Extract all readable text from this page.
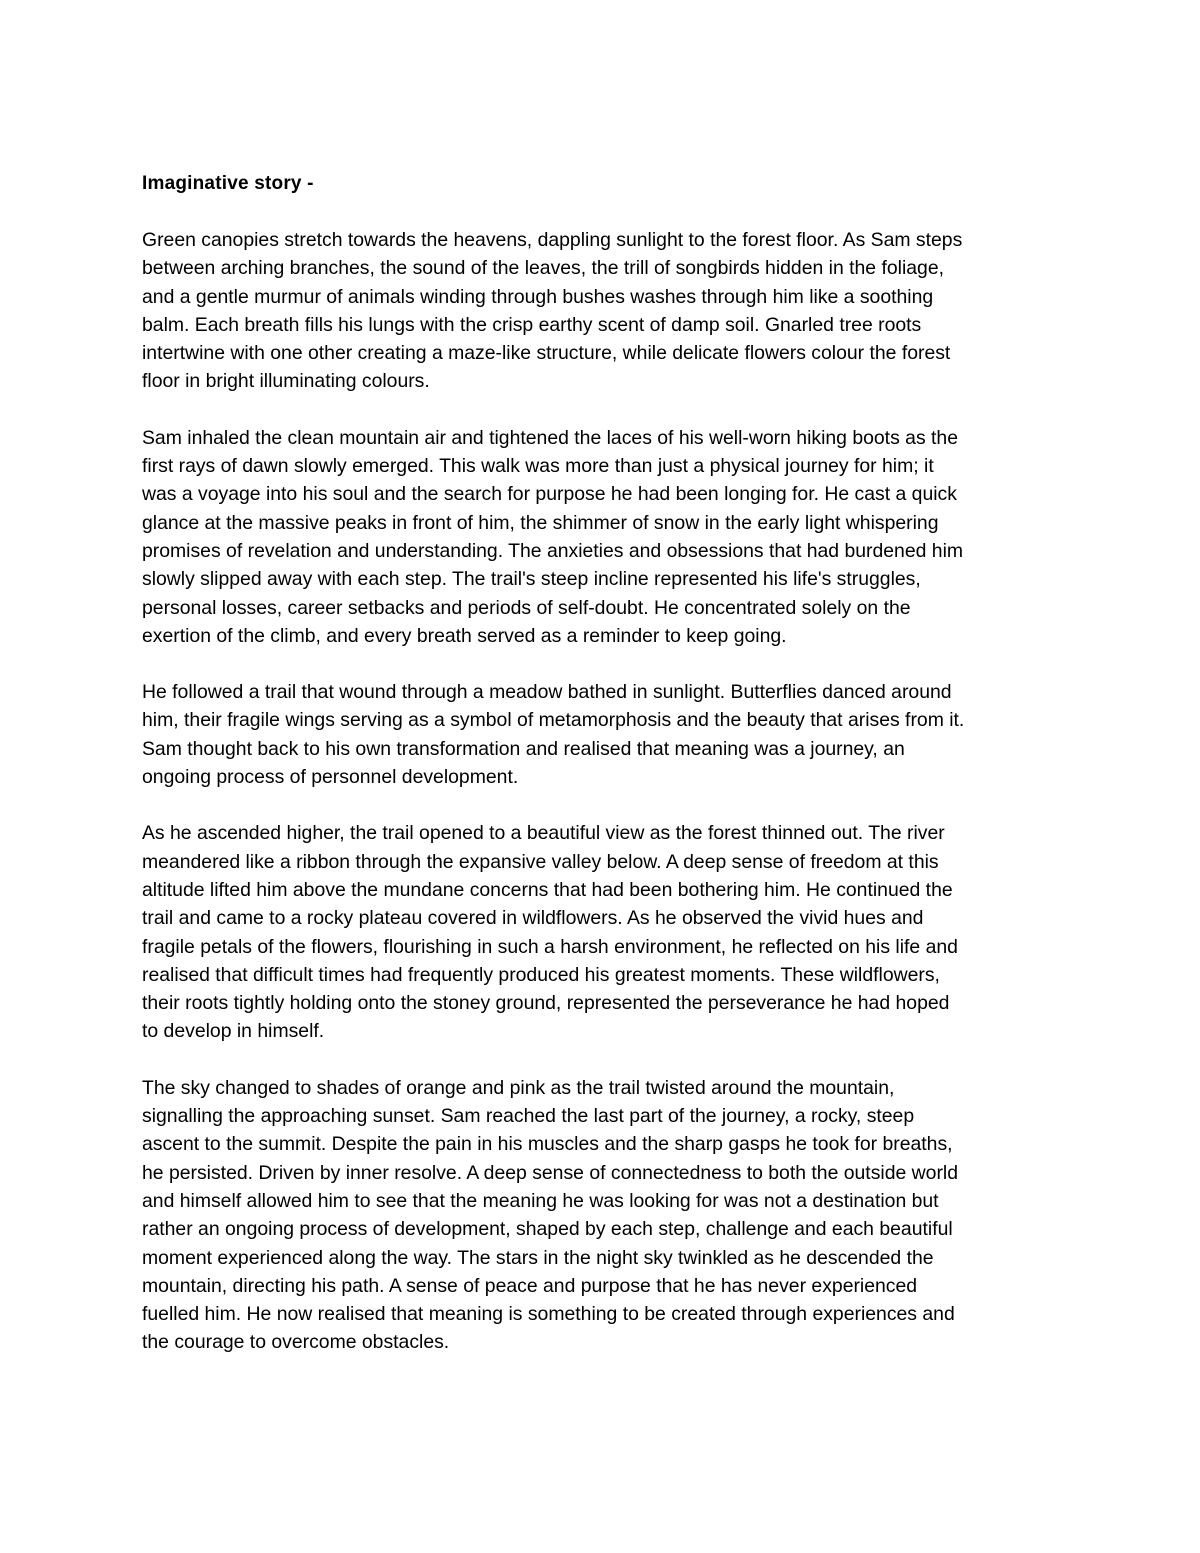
Imaginative story -

Green canopies stretch towards the heavens, dappling sunlight to the forest floor. As Sam steps
between arching branches, the sound of the leaves, the trill of songbirds hidden in the foliage,
and a gentle murmur of animals winding through bushes washes through him like a soothing
balm. Each breath fills his lungs with the crisp earthy scent of damp soil. Gnarled tree roots
intertwine with one other creating a maze-like structure, while delicate flowers colour the forest
floor in bright illuminating colours.

Sam inhaled the clean mountain air and tightened the laces of his well-worn hiking boots as the
first rays of dawn slowly emerged. This walk was more than just a physical journey for him; it
was a voyage into his soul and the search for purpose he had been longing for. He cast a quick
glance at the massive peaks in front of him, the shimmer of snow in the early light whispering
promises of revelation and understanding. The anxieties and obsessions that had burdened him
slowly slipped away with each step. The trail's steep incline represented his life's struggles,
personal losses, career setbacks and periods of self-doubt. He concentrated solely on the
exertion of the climb, and every breath served as a reminder to keep going.

He followed a trail that wound through a meadow bathed in sunlight. Butterflies danced around
him, their fragile wings serving as a symbol of metamorphosis and the beauty that arises from it.
Sam thought back to his own transformation and realised that meaning was a journey, an
ongoing process of personnel development.

As he ascended higher, the trail opened to a beautiful view as the forest thinned out. The river
meandered like a ribbon through the expansive valley below. A deep sense of freedom at this
altitude lifted him above the mundane concerns that had been bothering him. He continued the
trail and came to a rocky plateau covered in wildflowers. As he observed the vivid hues and
fragile petals of the flowers, flourishing in such a harsh environment, he reflected on his life and
realised that difficult times had frequently produced his greatest moments. These wildflowers,
their roots tightly holding onto the stoney ground, represented the perseverance he had hoped
to develop in himself.

The sky changed to shades of orange and pink as the trail twisted around the mountain,
signalling the approaching sunset. Sam reached the last part of the journey, a rocky, steep
ascent to the summit. Despite the pain in his muscles and the sharp gasps he took for breaths,
he persisted. Driven by inner resolve. A deep sense of connectedness to both the outside world
and himself allowed him to see that the meaning he was looking for was not a destination but
rather an ongoing process of development, shaped by each step, challenge and each beautiful
moment experienced along the way. The stars in the night sky twinkled as he descended the
mountain, directing his path. A sense of peace and purpose that he has never experienced
fuelled him. He now realised that meaning is something to be created through experiences and
the courage to overcome obstacles.
